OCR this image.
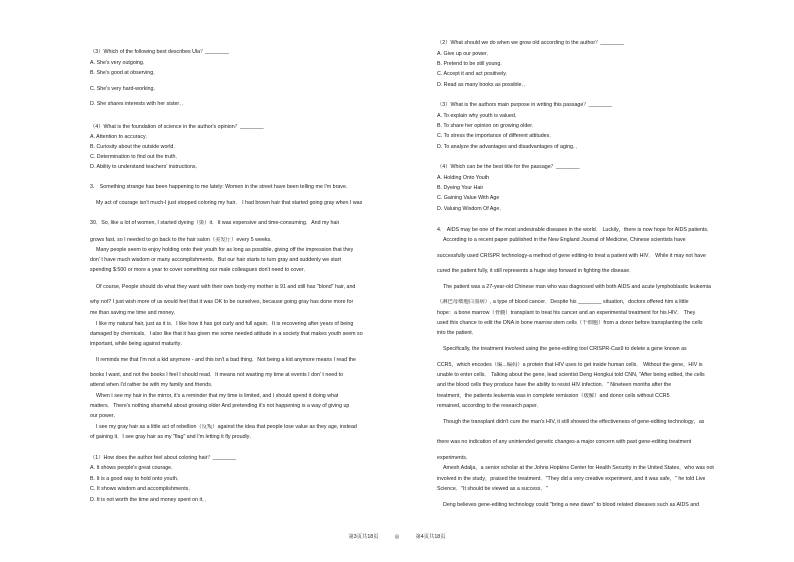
（3）Which of the following best describes Ula？________
A. She's very outgoing．
B. She's good at observing．
C. She's very hard-working．
D. She shares interests with her sister．．
（4）What is the foundation of science in the author's opinion？________
A. Attention to accuracy．
B. Curiosity about the outside world．
C. Determination to find out the truth．
D. Ability to understand teachers' instructions．
3.　Something strange has been happening to me lately: Women in the street have been telling me I'm brave．
My act of courage isn't much-I just stopped coloring my hair． I had brown hair that started going gray when I was
30．So, like a lot of women, I started dyeing（染）it．It was expensive and time-consuming．And my hair
grows fast, so I needed to go back to the hair salon（美发厅）every 5 weeks．
Many people seem to enjoy holding onto their youth for as long as possible, giving off the impression that they
don' t have much wisdom or many accomplishments．But our hair starts to turn gray and suddenly we start
spending $:500 or more a year to cover something our male colleagues don't need to cover．
Of course, People should do what they want with their own body-my mother is 91 and still has "blond" hair, and
why not? I just wish more of us would feel that it was OK to be ourselves, because going gray has done more for
me than saving me time and money．
I like my natural hair, just as it is．I like how it has got curly and full again．It is recovering after years of being
damaged by chemicals．I also like that it has given me some needed attitude in a society that makes youth seem so
important, while being against maturity．
It reminds me that I'm not a kid anymore - and this isn't a bad thing．Not being a kid anymore means I read the
books I want, and not the books I feel I should read．It means not wasting my time at events I don' t need to
attend when I'd rather be with my family and friends．
When I see my hair in the mirror, it's a reminder that my time is limited, and I should spend it doing what
matters．There's nothing shameful about growing older And pretending it's not happening is a way of giving up
our power．
I see my gray hair as a little act of rebellion（反叛）against the idea that people lose value as they age, instead
of gaining it．I see gray hair as my "flag" and I'm letting it fly proudly．
（1）How does the author feel about coloring hair？________
A. It shows people's great courage．
B. It is a good way to hold onto youth．
C. It shows wisdom and accomplishments．
D. It is not worth the time and money spent on it．．
（2）What should we do when we grow old according to the author？________
A. Give up our power．
B. Pretend to be still young．
C. Accept it and act positively．
D. Read as many books as possible．．
（3）What is the authors main purpose in writing this passage？________
A. To explain why youth is valued．
B. To share her opinion on growing older．
C. To stress the importance of different attitudes．
D. To analyze the advantages and disadvantages of aging．．
（4）Which can be the best title for the passage？________
A. Holding Onto Youth
B. Dyeing Your Hair
C. Gaining Value With Age
D. Valuing Wisdom Of Age．
4.　AIDS may be one of the most undesirable diseases in the world． Luckily，there is now hope for AIDS patients．
According to a recent paper published in the New England Journal of Medicine, Chinese scientists have
successfully used CRISPR technology-a method of gene editing-to treat a patient with HIV． While it may not have
cured the patient fully, it still represents a huge step forward in fighting the disease．
The patient was a 27-year-old Chinese man who was diagnosed with both AIDS and acute lymphoblastic leukemia
（淋巴母细胞白血病）, a type of blood cancer．Despite his ________ situation，doctors offered him a little
hope：a bone marrow（骨髓）transplant to treat his cancer and an experimental treatment for his HIV． They
used this chance to edit the DNA in bone marrow stem cells（干细胞）from a donor before transplanting the cells
into the patient．
Specifically, the treatment involved using the gene-editing tool CRISPR-Cas9 to delete a gene known as
CCR5，which encodes（编...编码）a protein that HIV uses to get inside human cells． Without the gene，HIV is
unable to enter cells． Talking about the gene, lead scientist Deng Hongkui told CNN, "After being edited, the cells
and the blood cells they produce have the ability to resist HIV infection．" Nineteen months after the
treatment，the patients leukemia was in complete remission（缓解）and donor cells without CCR5
remained, according to the research paper．
Though the transplant didn't cure the man's HIV, it still showed the effectiveness of gene-editing technology，as
there was no indication of any unintended genetic changes-a major concern with past gene-editing treatment
experiments．
Amesh Adalja，a senior scholar at the Johns Hopkins Center for Health Security in the United States，who was not
involved in the study，praised the treatment．"They did a very creative experiment, and it was safe，" he told Live
Science．"It should be viewed as a success．"
Deng believes gene-editing technology could "bring a new dawn" to blood related diseases such as AIDS and
第3页共18页	◎	第4页共18页
